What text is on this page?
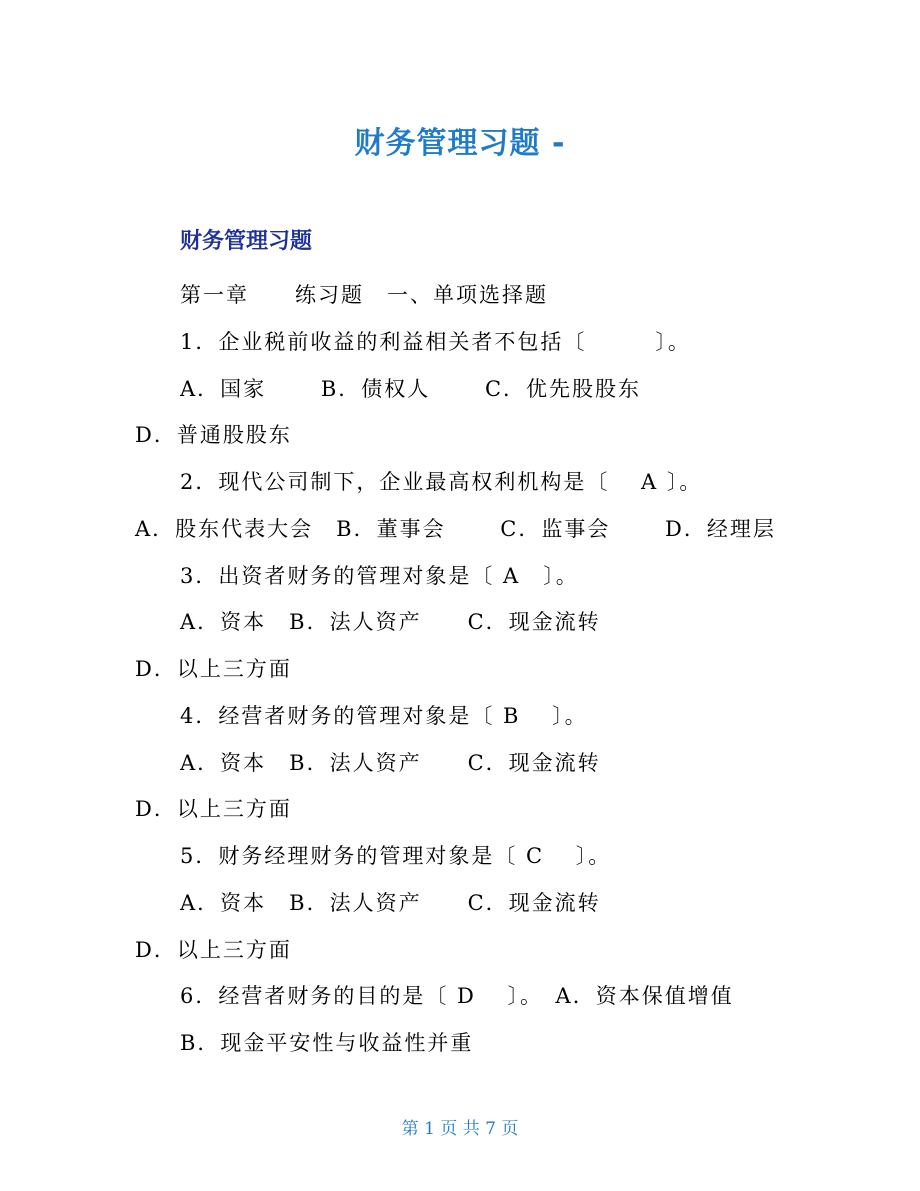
财务管理习题 -
财务管理习题
第一章　　练习题　一、单项选择题
1．企业税前收益的利益相关者不包括〔　　　〕。
A．国家　　 B．债权人　　 C．优先股股东
D．普通股股东
2．现代公司制下，企业最高权利机构是〔　 A 〕。
A．股东代表大会　B．董事会　　 C．监事会　　 D．经理层
3．出资者财务的管理对象是〔 A　〕。
A．资本　B．法人资产　　C．现金流转
D．以上三方面
4．经营者财务的管理对象是〔 B　 〕。
A．资本　B．法人资产　　C．现金流转
D．以上三方面
5．财务经理财务的管理对象是〔 C　 〕。
A．资本　B．法人资产　　C．现金流转
D．以上三方面
6．经营者财务的目的是〔 D　 〕。　A．资本保值增值
B．现金平安性与收益性并重
第 1 页 共 7 页
